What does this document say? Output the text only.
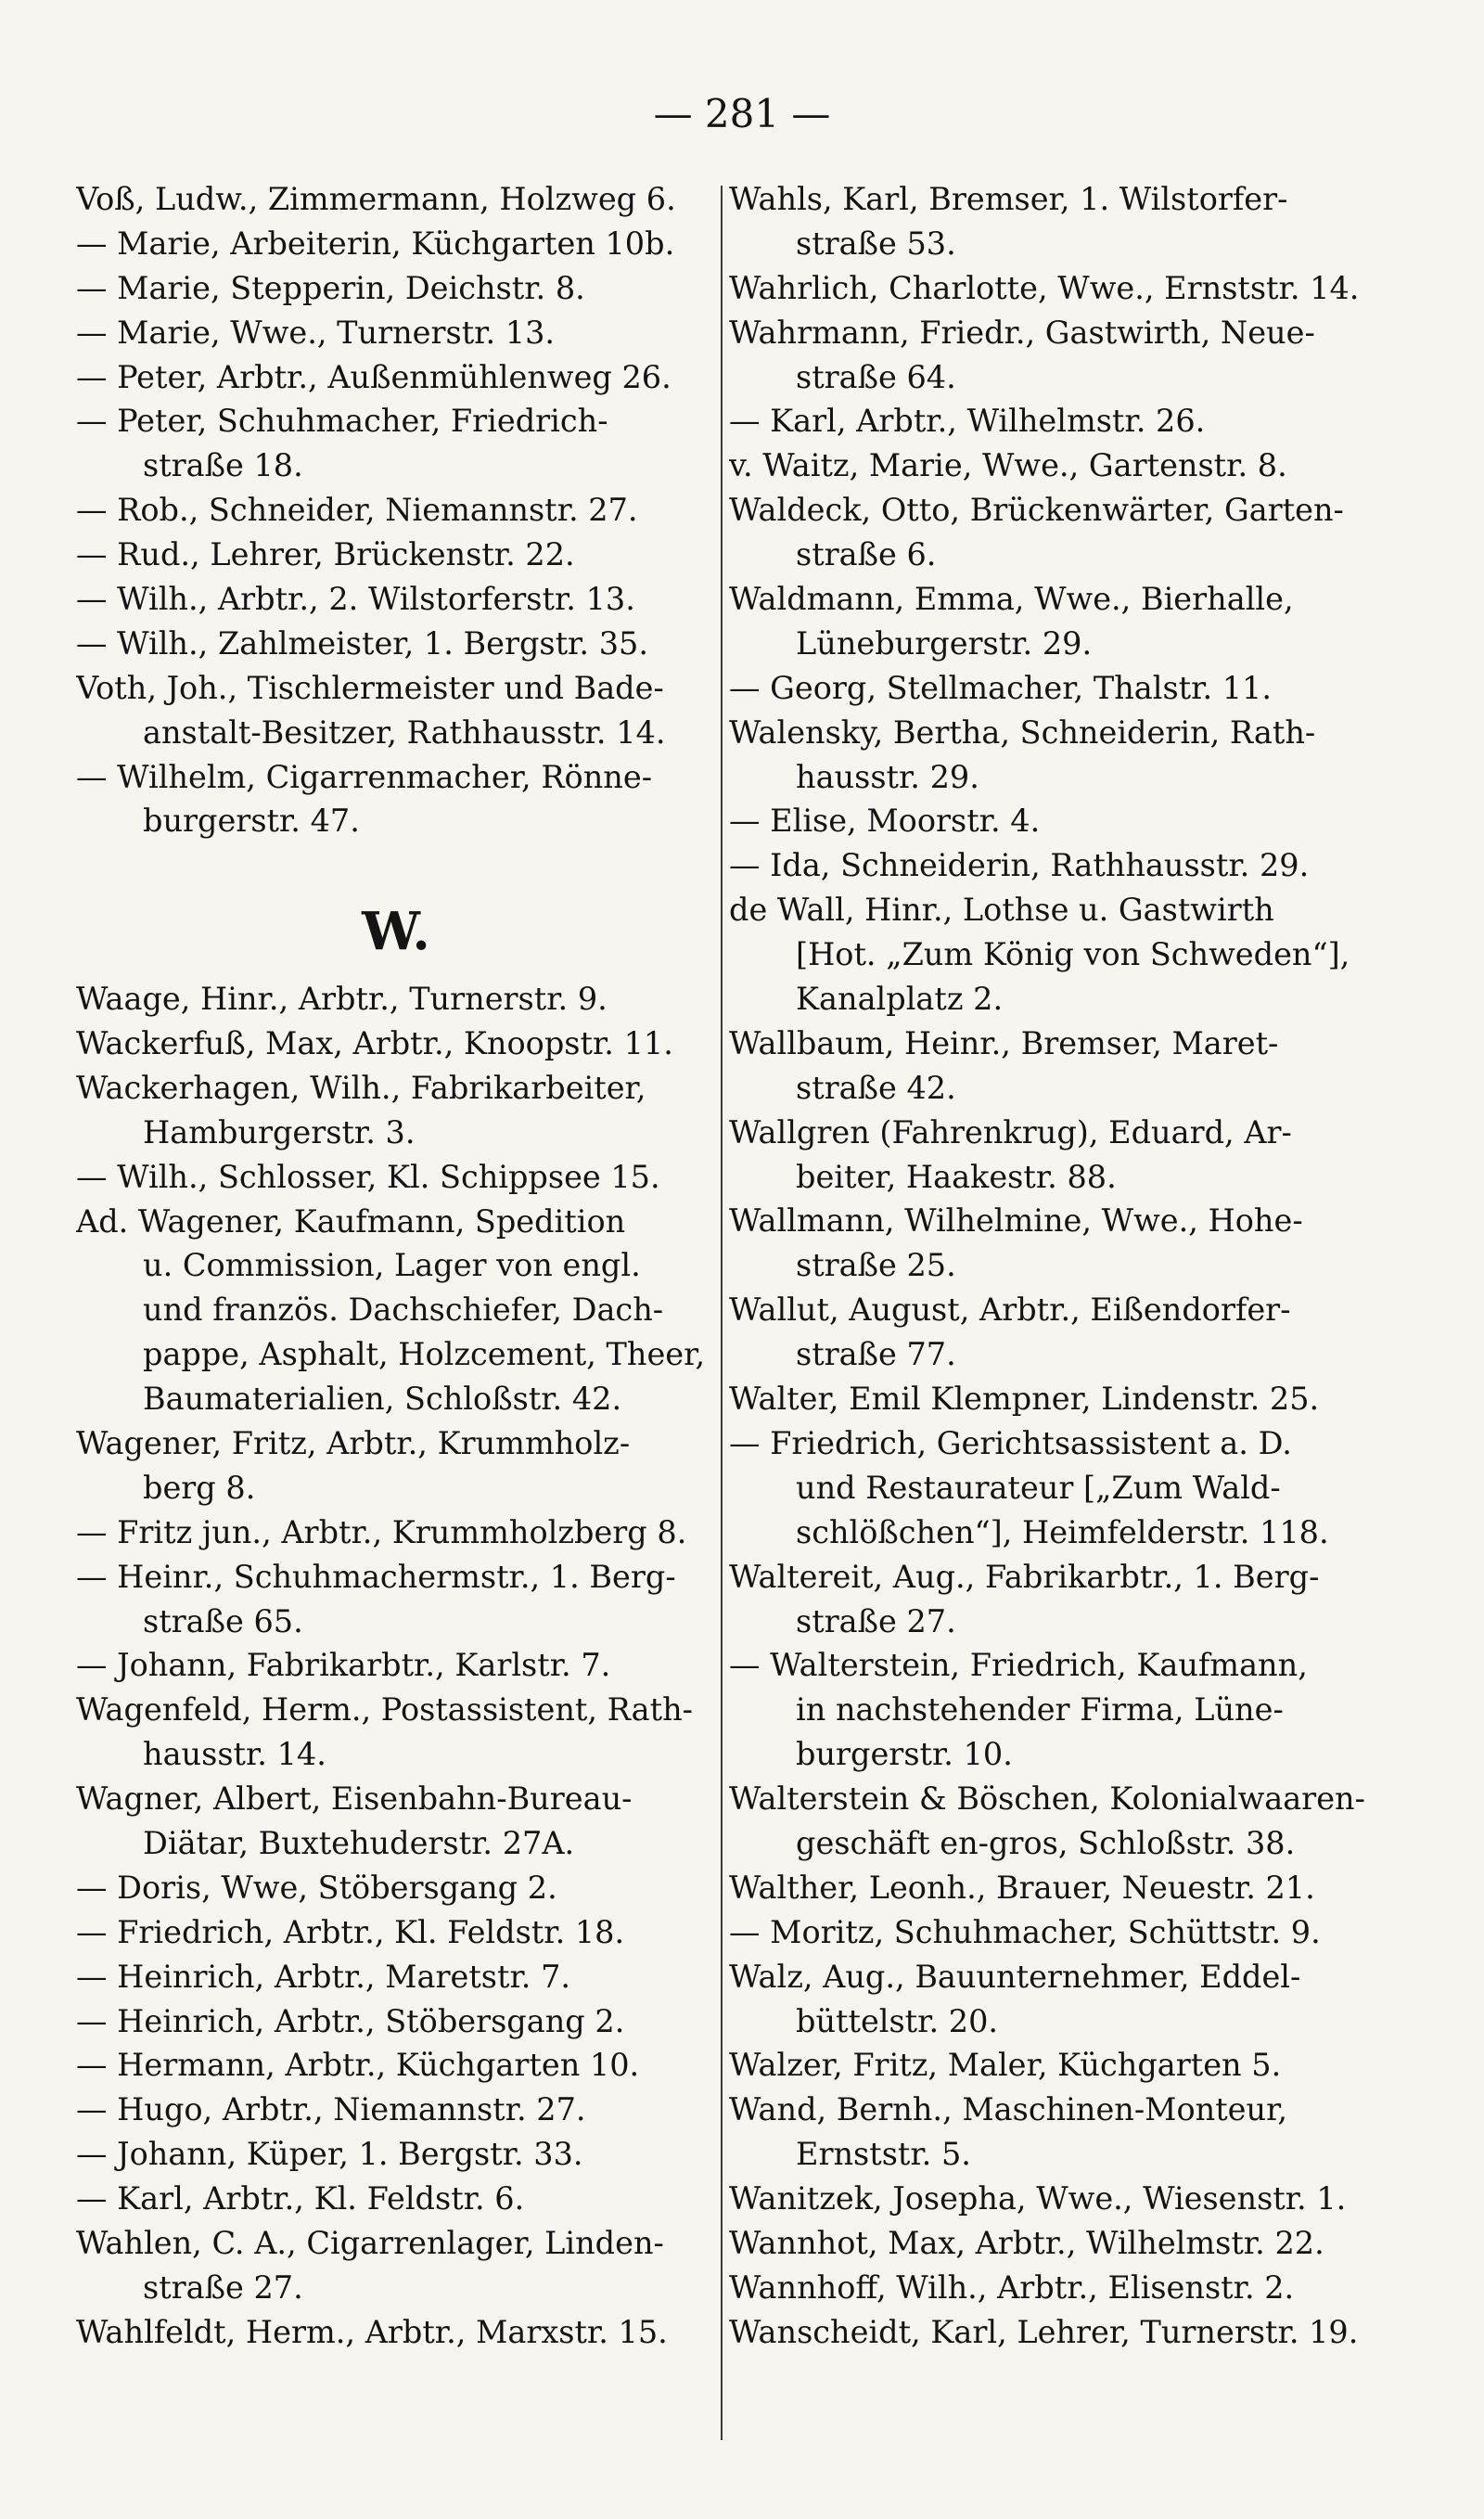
— 281 —
Voß, Ludw., Zimmermann, Holzweg 6.
— Marie, Arbeiterin, Küchgarten 10b.
— Marie, Stepperin, Deichstr. 8.
— Marie, Wwe., Turnerstr. 13.
— Peter, Arbtr., Außenmühlenweg 26.
— Peter, Schuhmacher, Friedrich-
straße 18.
— Rob., Schneider, Niemannstr. 27.
— Rud., Lehrer, Brückenstr. 22.
— Wilh., Arbtr., 2. Wilstorferstr. 13.
— Wilh., Zahlmeister, 1. Bergstr. 35.
Voth, Joh., Tischlermeister und Bade-
anstalt-Besitzer, Rathhausstr. 14.
— Wilhelm, Cigarrenmacher, Rönne-
burgerstr. 47.
W.
Waage, Hinr., Arbtr., Turnerstr. 9.
Wackerfuß, Max, Arbtr., Knoopstr. 11.
Wackerhagen, Wilh., Fabrikarbeiter,
Hamburgerstr. 3.
— Wilh., Schlosser, Kl. Schippsee 15.
Ad. Wagener, Kaufmann, Spedition
u. Commission, Lager von engl.
und französ. Dachschiefer, Dach-
pappe, Asphalt, Holzcement, Theer,
Baumaterialien, Schloßstr. 42.
Wagener, Fritz, Arbtr., Krummholz-
berg 8.
— Fritz jun., Arbtr., Krummholzberg 8.
— Heinr., Schuhmachermstr., 1. Berg-
straße 65.
— Johann, Fabrikarbtr., Karlstr. 7.
Wagenfeld, Herm., Postassistent, Rath-
hausstr. 14.
Wagner, Albert, Eisenbahn-Bureau-
Diätar, Buxtehuderstr. 27A.
— Doris, Wwe, Stöbersgang 2.
— Friedrich, Arbtr., Kl. Feldstr. 18.
— Heinrich, Arbtr., Maretstr. 7.
— Heinrich, Arbtr., Stöbersgang 2.
— Hermann, Arbtr., Küchgarten 10.
— Hugo, Arbtr., Niemannstr. 27.
— Johann, Küper, 1. Bergstr. 33.
— Karl, Arbtr., Kl. Feldstr. 6.
Wahlen, C. A., Cigarrenlager, Linden-
straße 27.
Wahlfeldt, Herm., Arbtr., Marxstr. 15.
Wahls, Karl, Bremser, 1. Wilstorfer-
straße 53.
Wahrlich, Charlotte, Wwe., Ernststr. 14.
Wahrmann, Friedr., Gastwirth, Neue-
straße 64.
— Karl, Arbtr., Wilhelmstr. 26.
v. Waitz, Marie, Wwe., Gartenstr. 8.
Waldeck, Otto, Brückenwärter, Garten-
straße 6.
Waldmann, Emma, Wwe., Bierhalle,
Lüneburgerstr. 29.
— Georg, Stellmacher, Thalstr. 11.
Walensky, Bertha, Schneiderin, Rath-
hausstr. 29.
— Elise, Moorstr. 4.
— Ida, Schneiderin, Rathhausstr. 29.
de Wall, Hinr., Lothse u. Gastwirth
[Hot. „Zum König von Schweden“],
Kanalplatz 2.
Wallbaum, Heinr., Bremser, Maret-
straße 42.
Wallgren (Fahrenkrug), Eduard, Ar-
beiter, Haakestr. 88.
Wallmann, Wilhelmine, Wwe., Hohe-
straße 25.
Wallut, August, Arbtr., Eißendorfer-
straße 77.
Walter, Emil Klempner, Lindenstr. 25.
— Friedrich, Gerichtsassistent a. D.
und Restaurateur [„Zum Wald-
schlößchen“], Heimfelderstr. 118.
Waltereit, Aug., Fabrikarbtr., 1. Berg-
straße 27.
— Walterstein, Friedrich, Kaufmann,
in nachstehender Firma, Lüne-
burgerstr. 10.
Walterstein & Böschen, Kolonialwaaren-
geschäft en-gros, Schloßstr. 38.
Walther, Leonh., Brauer, Neuestr. 21.
— Moritz, Schuhmacher, Schüttstr. 9.
Walz, Aug., Bauunternehmer, Eddel-
büttelstr. 20.
Walzer, Fritz, Maler, Küchgarten 5.
Wand, Bernh., Maschinen-Monteur,
Ernststr. 5.
Wanitzek, Josepha, Wwe., Wiesenstr. 1.
Wannhot, Max, Arbtr., Wilhelmstr. 22.
Wannhoff, Wilh., Arbtr., Elisenstr. 2.
Wanscheidt, Karl, Lehrer, Turnerstr. 19.
